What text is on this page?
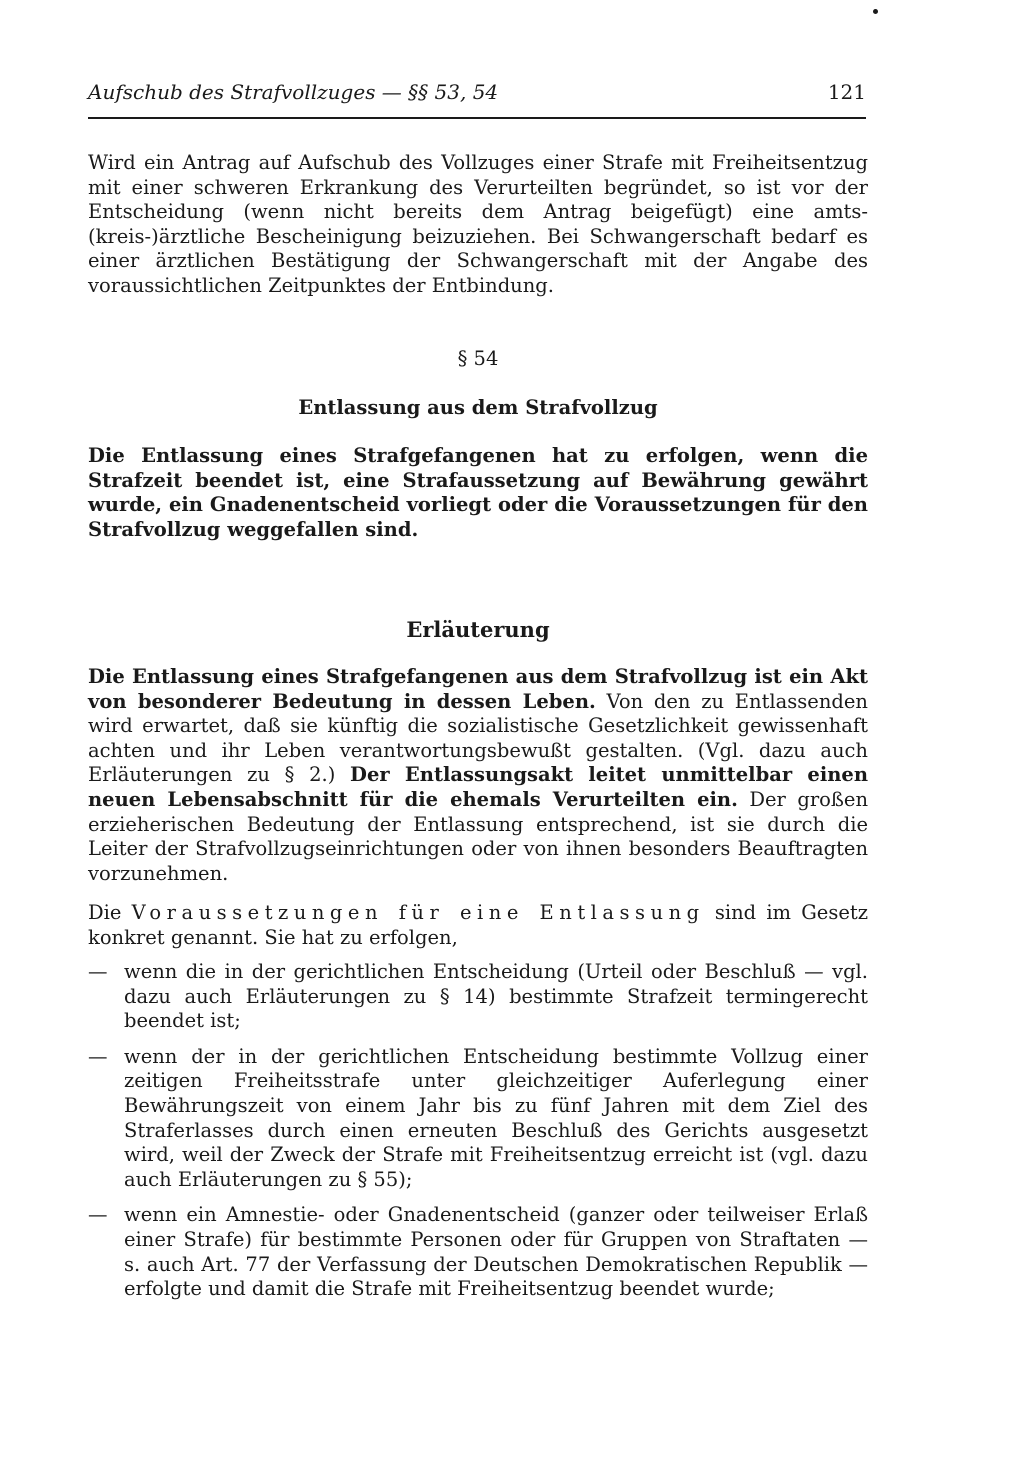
Aufschub des Strafvollzuges — §§ 53, 54	121

Wird ein Antrag auf Aufschub des Vollzuges einer Strafe mit Freiheitsentzug mit einer schweren Erkrankung des Verurteilten begründet, so ist vor der Entscheidung (wenn nicht bereits dem Antrag beigefügt) eine amts-(kreis-)ärztliche Bescheinigung beizuziehen. Bei Schwangerschaft bedarf es einer ärztlichen Bestätigung der Schwangerschaft mit der Angabe des voraussichtlichen Zeitpunktes der Entbindung.

§ 54
Entlassung aus dem Strafvollzug

Die Entlassung eines Strafgefangenen hat zu erfolgen, wenn die Strafzeit beendet ist, eine Strafaussetzung auf Bewährung gewährt wurde, ein Gnadenentscheid vorliegt oder die Voraussetzungen für den Strafvollzug weggefallen sind.

Erläuterung

Die Entlassung eines Strafgefangenen aus dem Strafvollzug ist ein Akt von besonderer Bedeutung in dessen Leben. Von den zu Entlassenden wird erwartet, daß sie künftig die sozialistische Gesetzlichkeit gewissenhaft achten und ihr Leben verantwortungsbewußt gestalten. (Vgl. dazu auch Erläuterungen zu § 2.) Der Entlassungsakt leitet unmittelbar einen neuen Lebensabschnitt für die ehemals Verurteilten ein. Der großen erzieherischen Bedeutung der Entlassung entsprechend, ist sie durch die Leiter der Strafvollzugseinrichtungen oder von ihnen besonders Beauftragten vorzunehmen.

Die Voraussetzungen für eine Entlassung sind im Gesetz konkret genannt. Sie hat zu erfolgen,

— wenn die in der gerichtlichen Entscheidung (Urteil oder Beschluß — vgl. dazu auch Erläuterungen zu § 14) bestimmte Strafzeit termingerecht beendet ist;
— wenn der in der gerichtlichen Entscheidung bestimmte Vollzug einer zeitigen Freiheitsstrafe unter gleichzeitiger Auferlegung einer Bewährungszeit von einem Jahr bis zu fünf Jahren mit dem Ziel des Straferlasses durch einen erneuten Beschluß des Gerichts ausgesetzt wird, weil der Zweck der Strafe mit Freiheitsentzug erreicht ist (vgl. dazu auch Erläuterungen zu § 55);
— wenn ein Amnestie- oder Gnadenentscheid (ganzer oder teilweiser Erlaß einer Strafe) für bestimmte Personen oder für Gruppen von Straftaten — s. auch Art. 77 der Verfassung der Deutschen Demokratischen Republik — erfolgte und damit die Strafe mit Freiheitsentzug beendet wurde;
